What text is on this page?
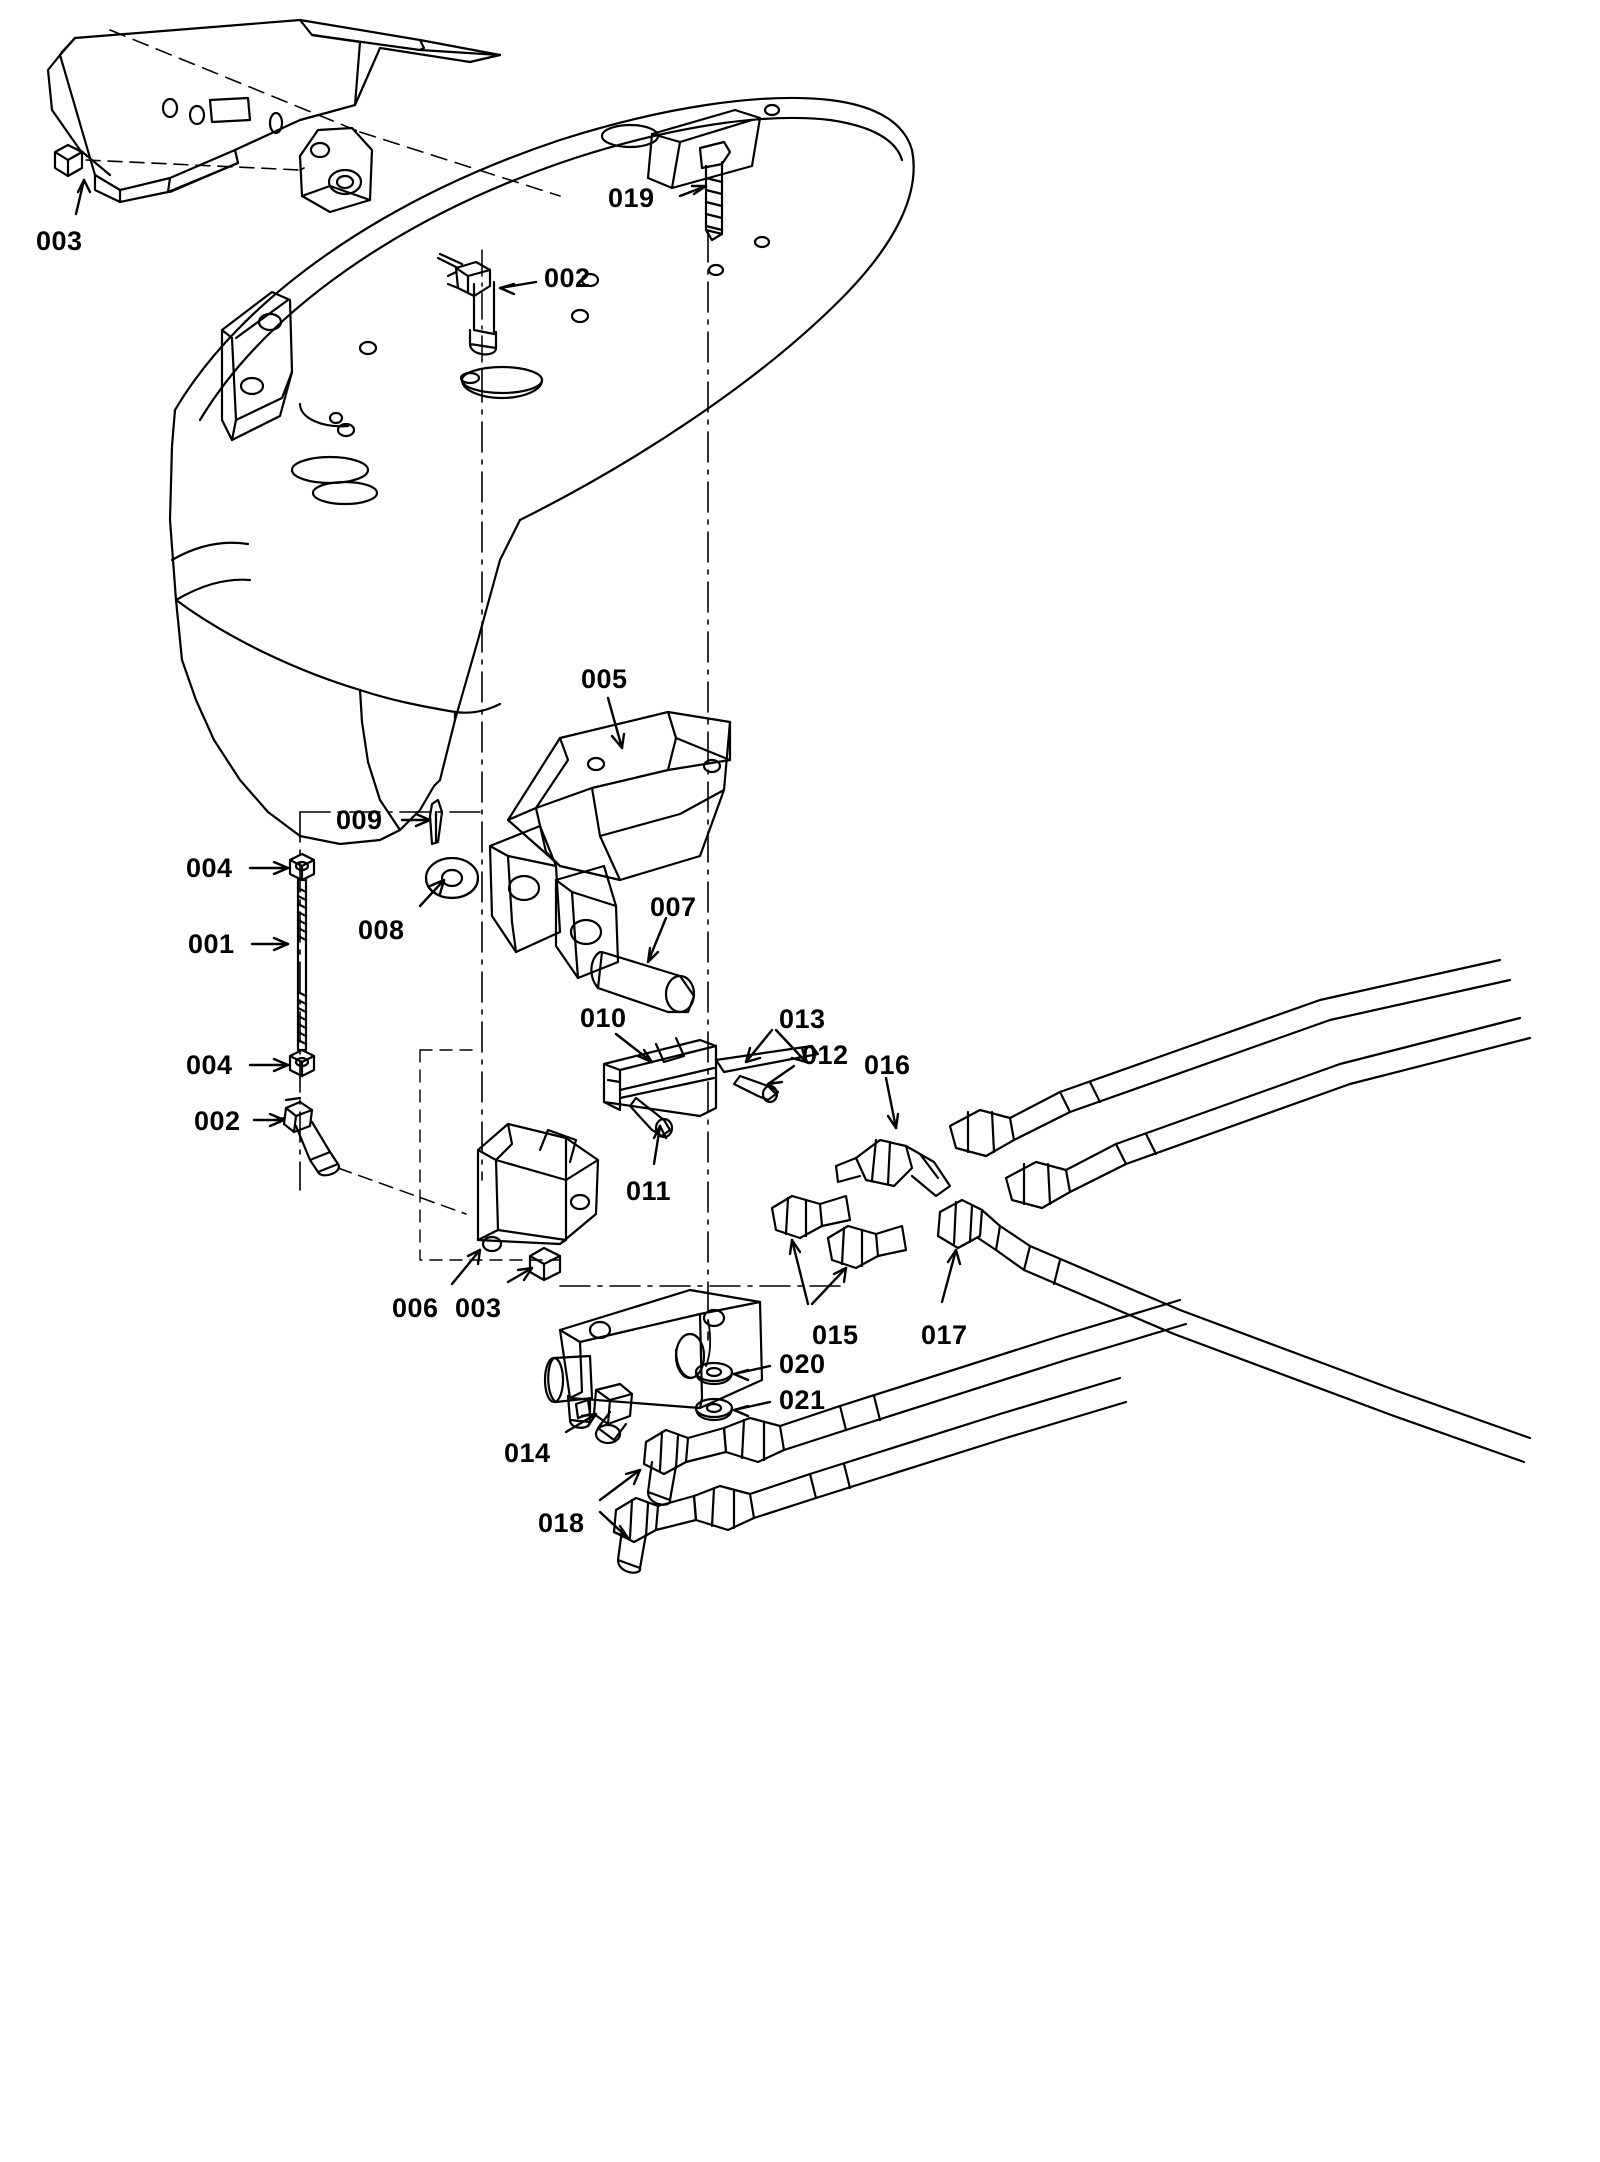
003
019
002
005
009
004
008
007
001
010	013
012 016
004
011
002
015 017
006 003
020
021
014
018
